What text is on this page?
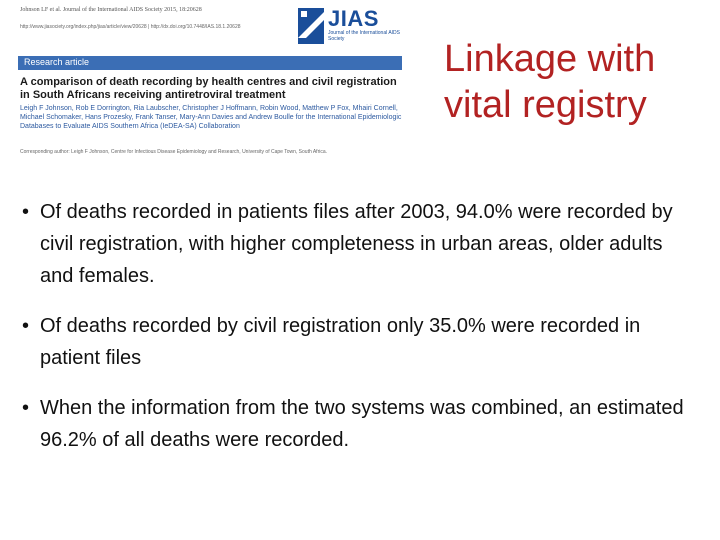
Johnson LF et al. Journal of the International AIDS Society 2015, 18:20628
http://www.jiasociety.org/index.php/jias/article/view/20628 | http://dx.doi.org/10.7448/IAS.18.1.20628	JIAS
Journal of the International AIDS Society
Research article
A comparison of death recording by health centres and civil registration in South Africans receiving antiretroviral treatment
Leigh F Johnson, Rob E Dorrington, Ria Laubscher, Christopher J Hoffmann, Robin Wood, Matthew P Fox, Mhairi Cornell, Michael Schomaker, Hans Prozesky, Frank Tanser, Mary-Ann Davies and Andrew Boulle for the International Epidemiologic Databases to Evaluate AIDS Southern Africa (IeDEA-SA) Collaboration
Corresponding author: Leigh F Johnson, Centre for Infectious Disease Epidemiology and Research, University of Cape Town, South Africa.
Linkage with vital registry
• Of deaths recorded in patients files after 2003, 94.0% were recorded by civil registration, with higher completeness in urban areas, older adults and females.
• Of deaths recorded by civil registration only 35.0% were recorded in patient files
• When the information from the two systems was combined, an estimated 96.2% of all deaths were recorded.
